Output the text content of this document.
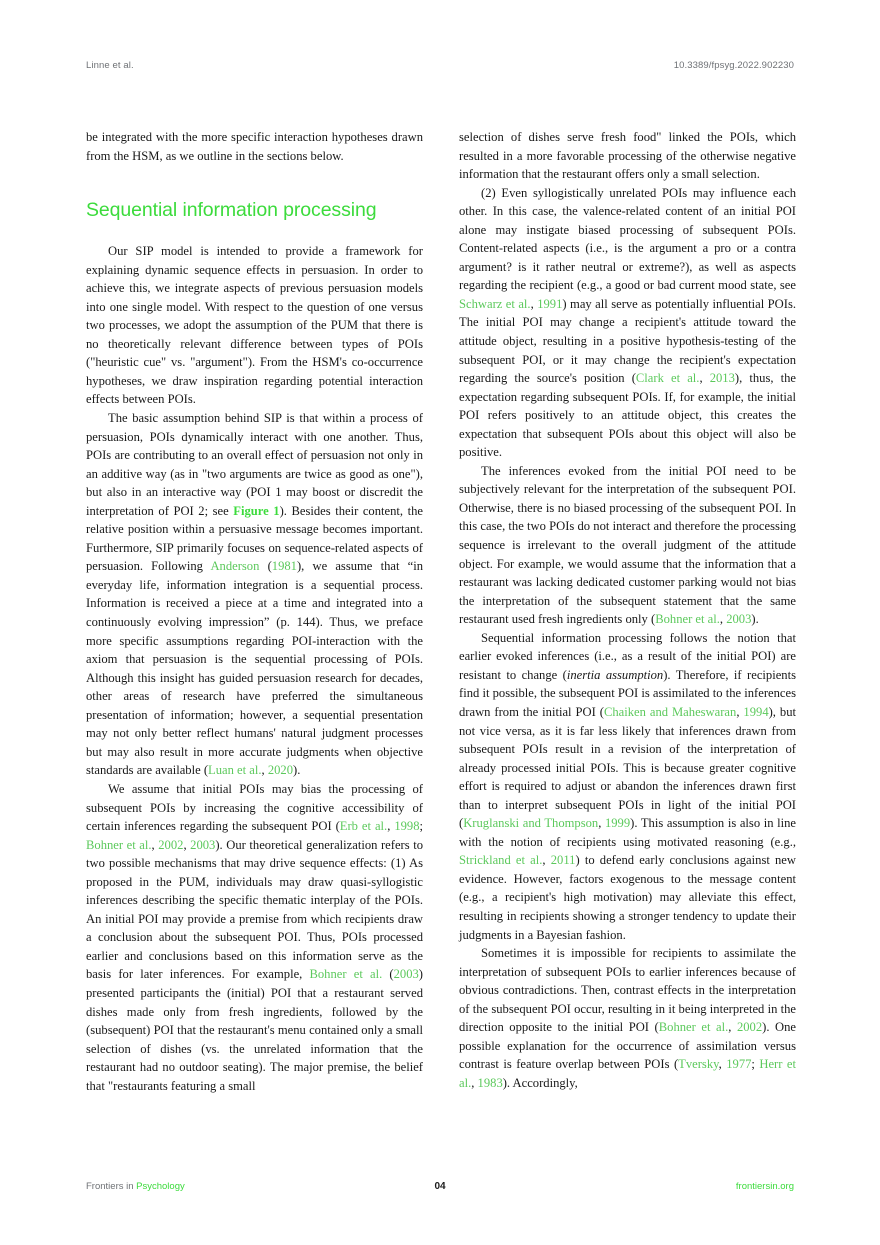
Linne et al.	10.3389/fpsyg.2022.902230

be integrated with the more specific interaction hypotheses drawn from the HSM, as we outline in the sections below.

Sequential information processing

Our SIP model is intended to provide a framework for explaining dynamic sequence effects in persuasion. In order to achieve this, we integrate aspects of previous persuasion models into one single model. With respect to the question of one versus two processes, we adopt the assumption of the PUM that there is no theoretically relevant difference between types of POIs ("heuristic cue" vs. "argument"). From the HSM's co-occurrence hypotheses, we draw inspiration regarding potential interaction effects between POIs.

The basic assumption behind SIP is that within a process of persuasion, POIs dynamically interact with one another. Thus, POIs are contributing to an overall effect of persuasion not only in an additive way (as in "two arguments are twice as good as one"), but also in an interactive way (POI 1 may boost or discredit the interpretation of POI 2; see Figure 1). Besides their content, the relative position within a persuasive message becomes important. Furthermore, SIP primarily focuses on sequence-related aspects of persuasion. Following Anderson (1981), we assume that “in everyday life, information integration is a sequential process. Information is received a piece at a time and integrated into a continuously evolving impression” (p. 144). Thus, we preface more specific assumptions regarding POI-interaction with the axiom that persuasion is the sequential processing of POIs. Although this insight has guided persuasion research for decades, other areas of research have preferred the simultaneous presentation of information; however, a sequential presentation may not only better reflect humans' natural judgment processes but may also result in more accurate judgments when objective standards are available (Luan et al., 2020).

We assume that initial POIs may bias the processing of subsequent POIs by increasing the cognitive accessibility of certain inferences regarding the subsequent POI (Erb et al., 1998; Bohner et al., 2002, 2003). Our theoretical generalization refers to two possible mechanisms that may drive sequence effects: (1) As proposed in the PUM, individuals may draw quasi-syllogistic inferences describing the specific thematic interplay of the POIs. An initial POI may provide a premise from which recipients draw a conclusion about the subsequent POI. Thus, POIs processed earlier and conclusions based on this information serve as the basis for later inferences. For example, Bohner et al. (2003) presented participants the (initial) POI that a restaurant served dishes made only from fresh ingredients, followed by the (subsequent) POI that the restaurant's menu contained only a small selection of dishes (vs. the unrelated information that the restaurant had no outdoor seating). The major premise, the belief that "restaurants featuring a small

selection of dishes serve fresh food" linked the POIs, which resulted in a more favorable processing of the otherwise negative information that the restaurant offers only a small selection.

(2) Even syllogistically unrelated POIs may influence each other. In this case, the valence-related content of an initial POI alone may instigate biased processing of subsequent POIs. Content-related aspects (i.e., is the argument a pro or a contra argument? is it rather neutral or extreme?), as well as aspects regarding the recipient (e.g., a good or bad current mood state, see Schwarz et al., 1991) may all serve as potentially influential POIs. The initial POI may change a recipient's attitude toward the attitude object, resulting in a positive hypothesis-testing of the subsequent POI, or it may change the recipient's expectation regarding the source's position (Clark et al., 2013), thus, the expectation regarding subsequent POIs. If, for example, the initial POI refers positively to an attitude object, this creates the expectation that subsequent POIs about this object will also be positive.

The inferences evoked from the initial POI need to be subjectively relevant for the interpretation of the subsequent POI. Otherwise, there is no biased processing of the subsequent POI. In this case, the two POIs do not interact and therefore the processing sequence is irrelevant to the overall judgment of the attitude object. For example, we would assume that the information that a restaurant was lacking dedicated customer parking would not bias the interpretation of the subsequent statement that the same restaurant used fresh ingredients only (Bohner et al., 2003).

Sequential information processing follows the notion that earlier evoked inferences (i.e., as a result of the initial POI) are resistant to change (inertia assumption). Therefore, if recipients find it possible, the subsequent POI is assimilated to the inferences drawn from the initial POI (Chaiken and Maheswaran, 1994), but not vice versa, as it is far less likely that inferences drawn from subsequent POIs result in a revision of the interpretation of already processed initial POIs. This is because greater cognitive effort is required to adjust or abandon the inferences drawn first than to interpret subsequent POIs in light of the initial POI (Kruglanski and Thompson, 1999). This assumption is also in line with the notion of recipients using motivated reasoning (e.g., Strickland et al., 2011) to defend early conclusions against new evidence. However, factors exogenous to the message content (e.g., a recipient's high motivation) may alleviate this effect, resulting in recipients showing a stronger tendency to update their judgments in a Bayesian fashion.

Sometimes it is impossible for recipients to assimilate the interpretation of subsequent POIs to earlier inferences because of obvious contradictions. Then, contrast effects in the interpretation of the subsequent POI occur, resulting in it being interpreted in the direction opposite to the initial POI (Bohner et al., 2002). One possible explanation for the occurrence of assimilation versus contrast is feature overlap between POIs (Tversky, 1977; Herr et al., 1983). Accordingly,

Frontiers in Psychology	04	frontiersin.org
